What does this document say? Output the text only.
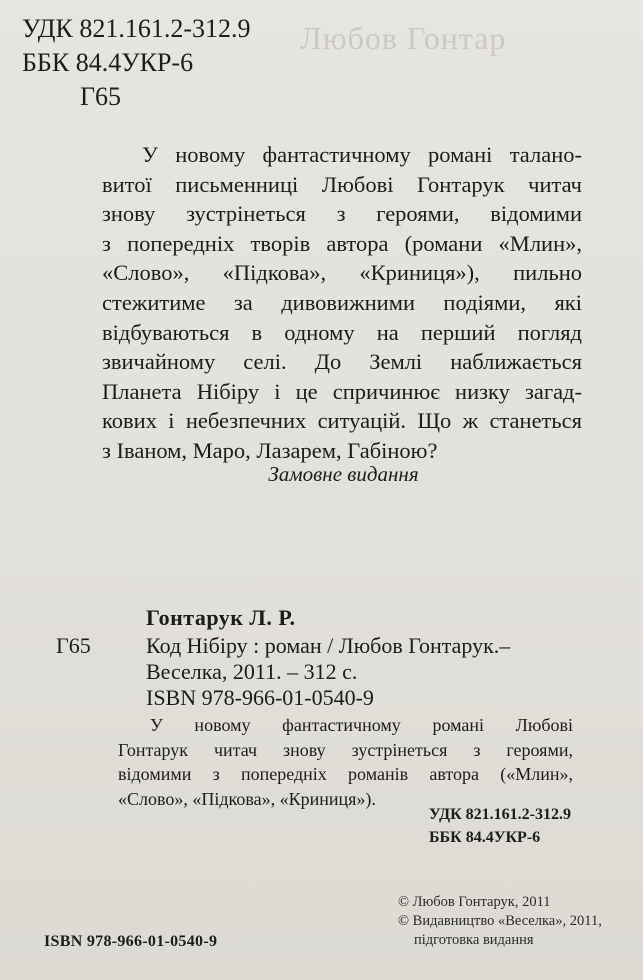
Любов Гонтар
УДК 821.161.2-312.9
ББК 84.4УКР-6
Г65
У новому фантастичному романі талано-
витої письменниці Любові Гонтарук читач
знову зустрінеться з героями, відомими
з попередніх творів автора (романи «Млин»,
«Слово», «Підкова», «Криниця»), пильно
стежитиме за дивовижними подіями, які
відбуваються в одному на перший погляд
звичайному селі. До Землі наближається
Планета Нібіру і це спричинює низку загад-
кових і небезпечних ситуацій. Що ж станеться
з Іваном, Маро, Лазарем, Габіною?
Замовне видання
Гонтарук Л. Р.
Г65	Код Нібіру : роман / Любов Гонтарук.–
Веселка, 2011. – 312 с.
ISBN 978-966-01-0540-9
У новому фантастичному романі Любові
Гонтарук читач знову зустрінеться з героями,
відомими з попередніх романів автора («Млин»,
«Слово», «Підкова», «Криниця»).
УДК 821.161.2-312.9
ББК 84.4УКР-6
© Любов Гонтарук, 2011
© Видавництво «Веселка», 2011,
підготовка видання
ISBN 978-966-01-0540-9
